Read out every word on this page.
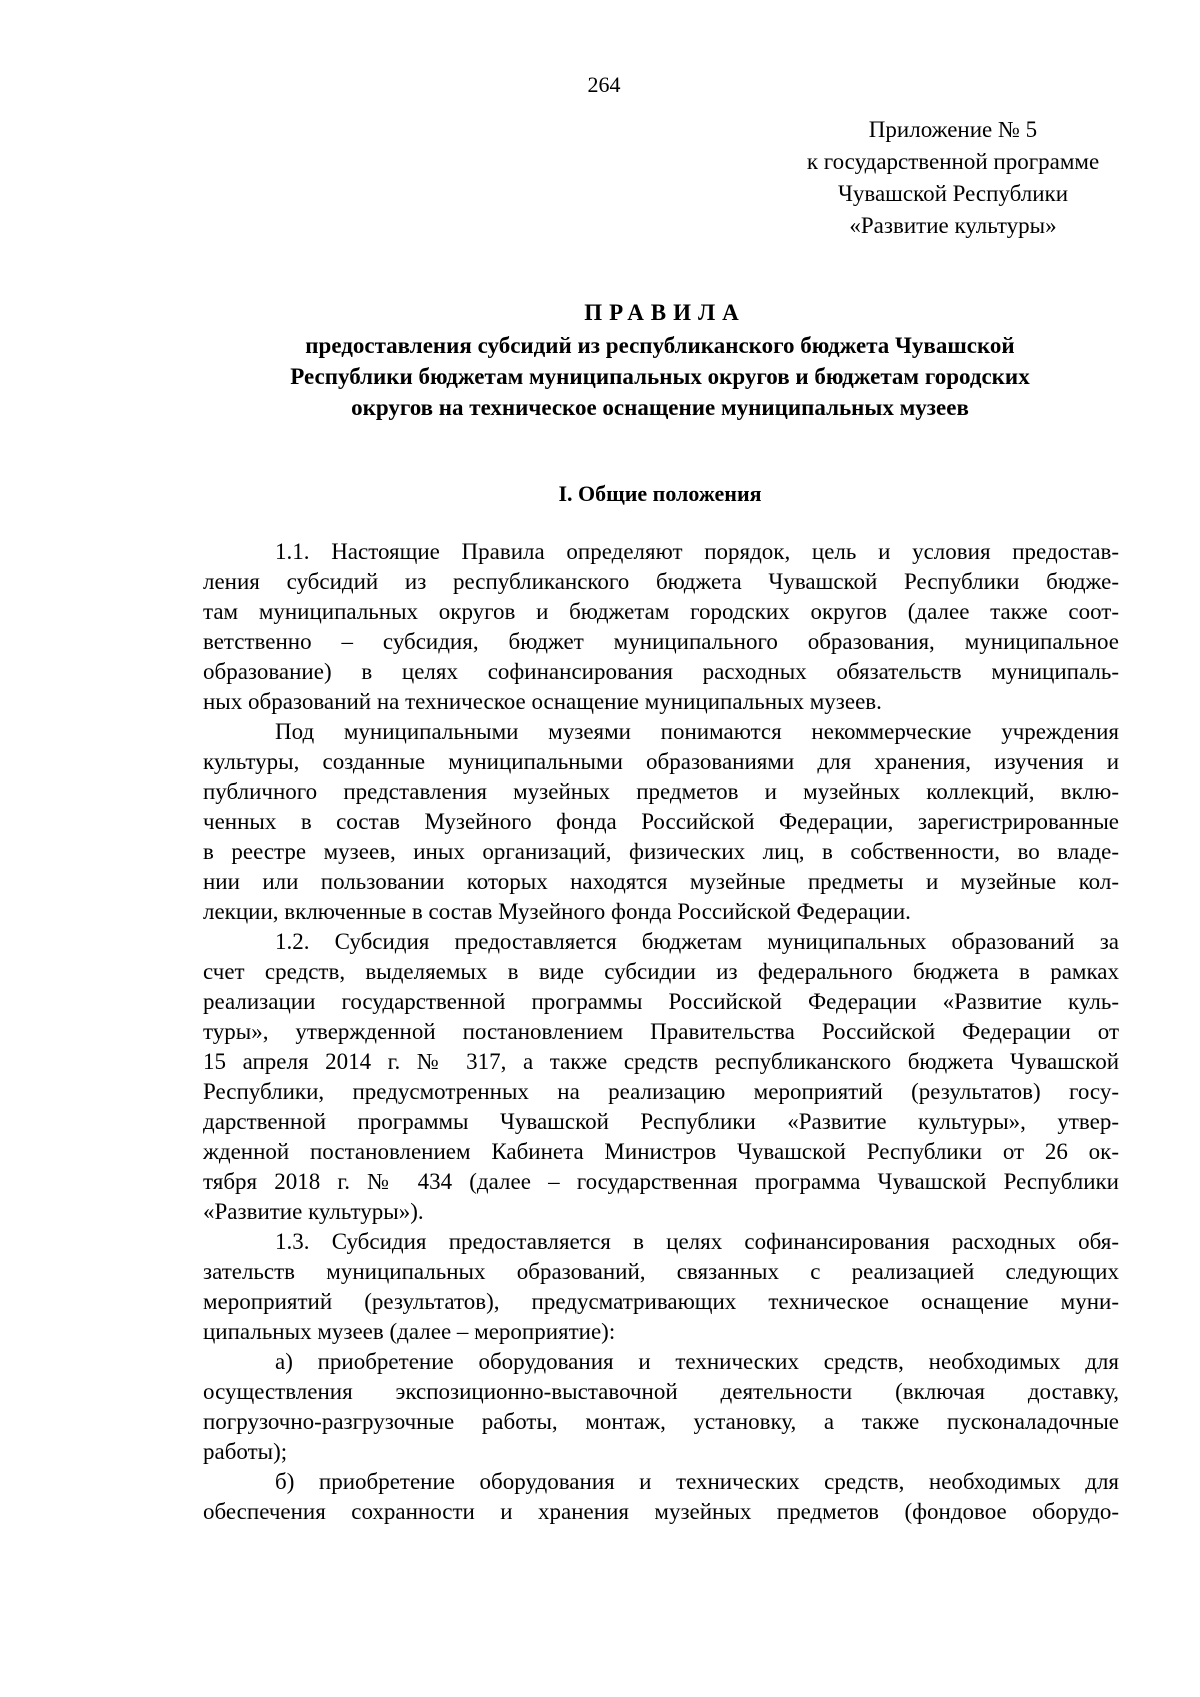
264
Приложение № 5
к государственной программе
Чувашской Республики
«Развитие культуры»
ПРАВИЛА
предоставления субсидий из республиканского бюджета Чувашской
Республики бюджетам муниципальных округов и бюджетам городских
округов на техническое оснащение муниципальных музеев
I. Общие положения
1.1. Настоящие Правила определяют порядок, цель и условия предостав-
ления субсидий из республиканского бюджета Чувашской Республики бюдже-
там муниципальных округов и бюджетам городских округов (далее также соот-
ветственно – субсидия, бюджет муниципального образования, муниципальное
образование) в целях софинансирования расходных обязательств муниципаль-
ных образований на техническое оснащение муниципальных музеев.
Под муниципальными музеями понимаются некоммерческие учреждения
культуры, созданные муниципальными образованиями для хранения, изучения и
публичного представления музейных предметов и музейных коллекций, вклю-
ченных в состав Музейного фонда Российской Федерации, зарегистрированные
в реестре музеев, иных организаций, физических лиц, в собственности, во владе-
нии или пользовании которых находятся музейные предметы и музейные кол-
лекции, включенные в состав Музейного фонда Российской Федерации.
1.2. Субсидия предоставляется бюджетам муниципальных образований за
счет средств, выделяемых в виде субсидии из федерального бюджета в рамках
реализации государственной программы Российской Федерации «Развитие куль-
туры», утвержденной постановлением Правительства Российской Федерации от
15 апреля 2014 г. № 317, а также средств республиканского бюджета Чувашской
Республики, предусмотренных на реализацию мероприятий (результатов) госу-
дарственной программы Чувашской Республики «Развитие культуры», утвер-
жденной постановлением Кабинета Министров Чувашской Республики от 26 ок-
тября 2018 г. № 434 (далее – государственная программа Чувашской Республики
«Развитие культуры»).
1.3. Субсидия предоставляется в целях софинансирования расходных обя-
зательств муниципальных образований, связанных с реализацией следующих
мероприятий (результатов), предусматривающих техническое оснащение муни-
ципальных музеев (далее – мероприятие):
а) приобретение оборудования и технических средств, необходимых для
осуществления экспозиционно-выставочной деятельности (включая доставку,
погрузочно-разгрузочные работы, монтаж, установку, а также пусконаладочные
работы);
б) приобретение оборудования и технических средств, необходимых для
обеспечения сохранности и хранения музейных предметов (фондовое оборудо-
